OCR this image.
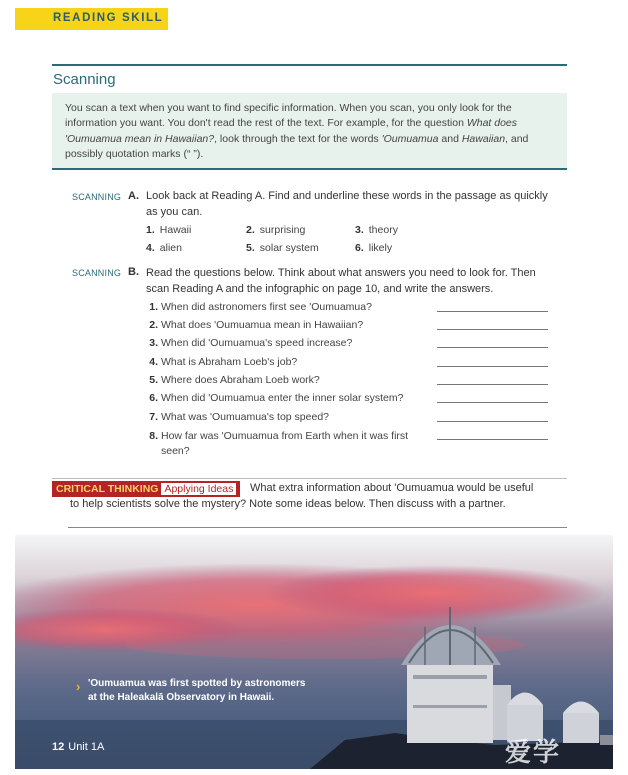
READING SKILL
Scanning

You scan a text when you want to find specific information. When you scan, you only look for the information you want. You don't read the rest of the text. For example, for the question What does 'Oumuamua mean in Hawaiian?, look through the text for the words 'Oumuamua and Hawaiian, and possibly quotation marks (“ ”).

SCANNING A. Look back at Reading A. Find and underline these words in the passage as quickly as you can.
1. Hawaii	2. surprising	3. theory
4. alien	5. solar system	6. likely
SCANNING B. Read the questions below. Think about what answers you need to look for. Then scan Reading A and the infographic on page 10, and write the answers.
1. When did astronomers first see 'Oumuamua?
2. What does 'Oumuamua mean in Hawaiian?
3. When did 'Oumuamua's speed increase?
4. What is Abraham Loeb's job?
5. Where does Abraham Loeb work?
6. When did 'Oumuamua enter the inner solar system?
7. What was 'Oumuamua's top speed?
8. How far was 'Oumuamua from Earth when it was first seen?
CRITICAL THINKING Applying Ideas	What extra information about 'Oumuamua would be useful
to help scientists solve the mystery? Note some ideas below. Then discuss with a partner.
› 'Oumuamua was first spotted by astronomers
at the Haleakalā Observatory in Hawaii.
12 Unit 1A	爱学
